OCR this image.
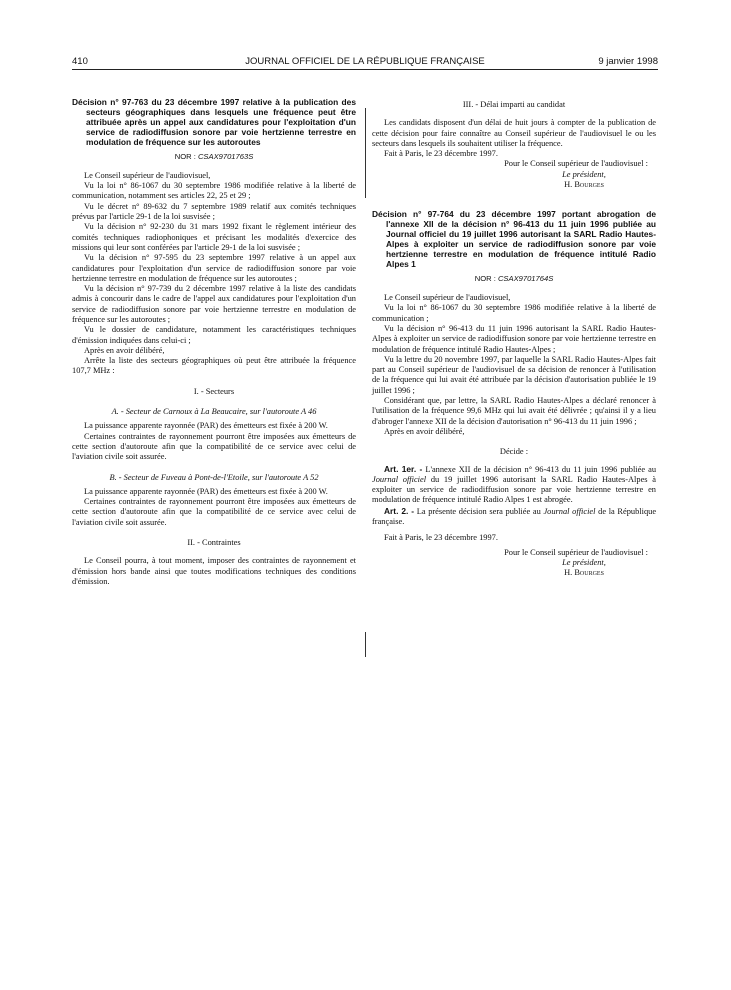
410	JOURNAL OFFICIEL DE LA RÉPUBLIQUE FRANÇAISE	9 janvier 1998
Décision n° 97-763 du 23 décembre 1997 relative à la publication des secteurs géographiques dans lesquels une fréquence peut être attribuée après un appel aux candidatures pour l'exploitation d'un service de radiodiffusion sonore par voie hertzienne terrestre en modulation de fréquence sur les autoroutes
NOR : CSAX9701763S

Le Conseil supérieur de l'audiovisuel,

Vu la loi n° 86-1067 du 30 septembre 1986 modifiée relative à la liberté de communication, notamment ses articles 22, 25 et 29 ;

Vu le décret n° 89-632 du 7 septembre 1989 relatif aux comités techniques prévus par l'article 29-1 de la loi susvisée ;

Vu la décision n° 92-230 du 31 mars 1992 fixant le règlement intérieur des comités techniques radiophoniques et précisant les modalités d'exercice des missions qui leur sont conférées par l'article 29-1 de la loi susvisée ;

Vu la décision n° 97-595 du 23 septembre 1997 relative à un appel aux candidatures pour l'exploitation d'un service de radiodiffusion sonore par voie hertzienne terrestre en modulation de fréquence sur les autoroutes ;

Vu la décision n° 97-739 du 2 décembre 1997 relative à la liste des candidats admis à concourir dans le cadre de l'appel aux candidatures pour l'exploitation d'un service de radiodiffusion sonore par voie hertzienne terrestre en modulation de fréquence sur les autoroutes ;

Vu le dossier de candidature, notamment les caractéristiques techniques d'émission indiquées dans celui-ci ;

Après en avoir délibéré,

Arrête la liste des secteurs géographiques où peut être attribuée la fréquence 107,7 MHz :

I. - Secteurs
A. - Secteur de Carnoux à La Beaucaire, sur l'autoroute A 46

La puissance apparente rayonnée (PAR) des émetteurs est fixée à 200 W.

Certaines contraintes de rayonnement pourront être imposées aux émetteurs de cette section d'autoroute afin que la compatibilité de ce service avec celui de l'aviation civile soit assurée.

B. - Secteur de Fuveau à Pont-de-l'Etoile, sur l'autoroute A 52

La puissance apparente rayonnée (PAR) des émetteurs est fixée à 200 W.

Certaines contraintes de rayonnement pourront être imposées aux émetteurs de cette section d'autoroute afin que la compatibilité de ce service avec celui de l'aviation civile soit assurée.

II. - Contraintes

Le Conseil pourra, à tout moment, imposer des contraintes de rayonnement et d'émission hors bande ainsi que toutes modifications techniques des conditions d'émission.

III. - Délai imparti au candidat

Les candidats disposent d'un délai de huit jours à compter de la publication de cette décision pour faire connaître au Conseil supérieur de l'audiovisuel le ou les secteurs dans lesquels ils souhaitent utiliser la fréquence.

Fait à Paris, le 23 décembre 1997.

Pour le Conseil supérieur de l'audiovisuel :
Le président,
H. Bourges
Décision n° 97-764 du 23 décembre 1997 portant abrogation de l'annexe XII de la décision n° 96-413 du 11 juin 1996 publiée au Journal officiel du 19 juillet 1996 autorisant la SARL Radio Hautes-Alpes à exploiter un service de radiodiffusion sonore par voie hertzienne terrestre en modulation de fréquence intitulé Radio Alpes 1
NOR : CSAX9701764S

Le Conseil supérieur de l'audiovisuel,

Vu la loi n° 86-1067 du 30 septembre 1986 modifiée relative à la liberté de communication ;

Vu la décision n° 96-413 du 11 juin 1996 autorisant la SARL Radio Hautes-Alpes à exploiter un service de radiodiffusion sonore par voie hertzienne terrestre en modulation de fréquence intitulé Radio Hautes-Alpes ;

Vu la lettre du 20 novembre 1997, par laquelle la SARL Radio Hautes-Alpes fait part au Conseil supérieur de l'audiovisuel de sa décision de renoncer à l'utilisation de la fréquence qui lui avait été attribuée par la décision d'autorisation publiée le 19 juillet 1996 ;

Considérant que, par lettre, la SARL Radio Hautes-Alpes a déclaré renoncer à l'utilisation de la fréquence 99,6 MHz qui lui avait été délivrée ; qu'ainsi il y a lieu d'abroger l'annexe XII de la décision d'autorisation n° 96-413 du 11 juin 1996 ;

Après en avoir délibéré,

Décide :

Art. 1er. - L'annexe XII de la décision n° 96-413 du 11 juin 1996 publiée au Journal officiel du 19 juillet 1996 autorisant la SARL Radio Hautes-Alpes à exploiter un service de radiodiffusion sonore par voie hertzienne terrestre en modulation de fréquence intitulé Radio Alpes 1 est abrogée.

Art. 2. - La présente décision sera publiée au Journal officiel de la République française.

Fait à Paris, le 23 décembre 1997.

Pour le Conseil supérieur de l'audiovisuel :
Le président,
H. Bourges
